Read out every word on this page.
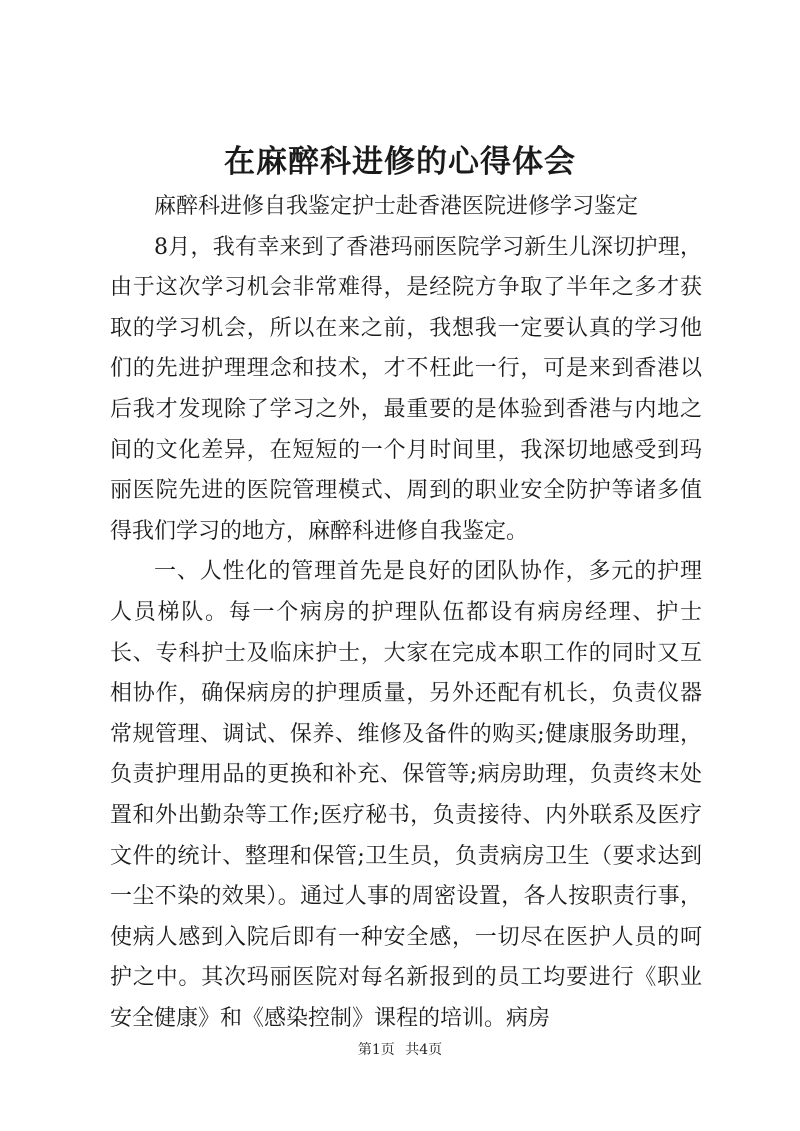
在麻醉科进修的心得体会

麻醉科进修自我鉴定护士赴香港医院进修学习鉴定

8月，我有幸来到了香港玛丽医院学习新生儿深切护理，由于这次学习机会非常难得，是经院方争取了半年之多才获取的学习机会，所以在来之前，我想我一定要认真的学习他们的先进护理理念和技术，才不枉此一行，可是来到香港以后我才发现除了学习之外，最重要的是体验到香港与内地之间的文化差异，在短短的一个月时间里，我深切地感受到玛丽医院先进的医院管理模式、周到的职业安全防护等诸多值得我们学习的地方，麻醉科进修自我鉴定。

一、人性化的管理首先是良好的团队协作，多元的护理人员梯队。每一个病房的护理队伍都设有病房经理、护士长、专科护士及临床护士，大家在完成本职工作的同时又互相协作，确保病房的护理质量，另外还配有机长，负责仪器常规管理、调试、保养、维修及备件的购买;健康服务助理，负责护理用品的更换和补充、保管等;病房助理，负责终末处置和外出勤杂等工作;医疗秘书，负责接待、内外联系及医疗文件的统计、整理和保管;卫生员，负责病房卫生（要求达到一尘不染的效果）。通过人事的周密设置，各人按职责行事，使病人感到入院后即有一种安全感，一切尽在医护人员的呵护之中。其次玛丽医院对每名新报到的员工均要进行《职业安全健康》和《感染控制》课程的培训。病房

第1页 共4页
